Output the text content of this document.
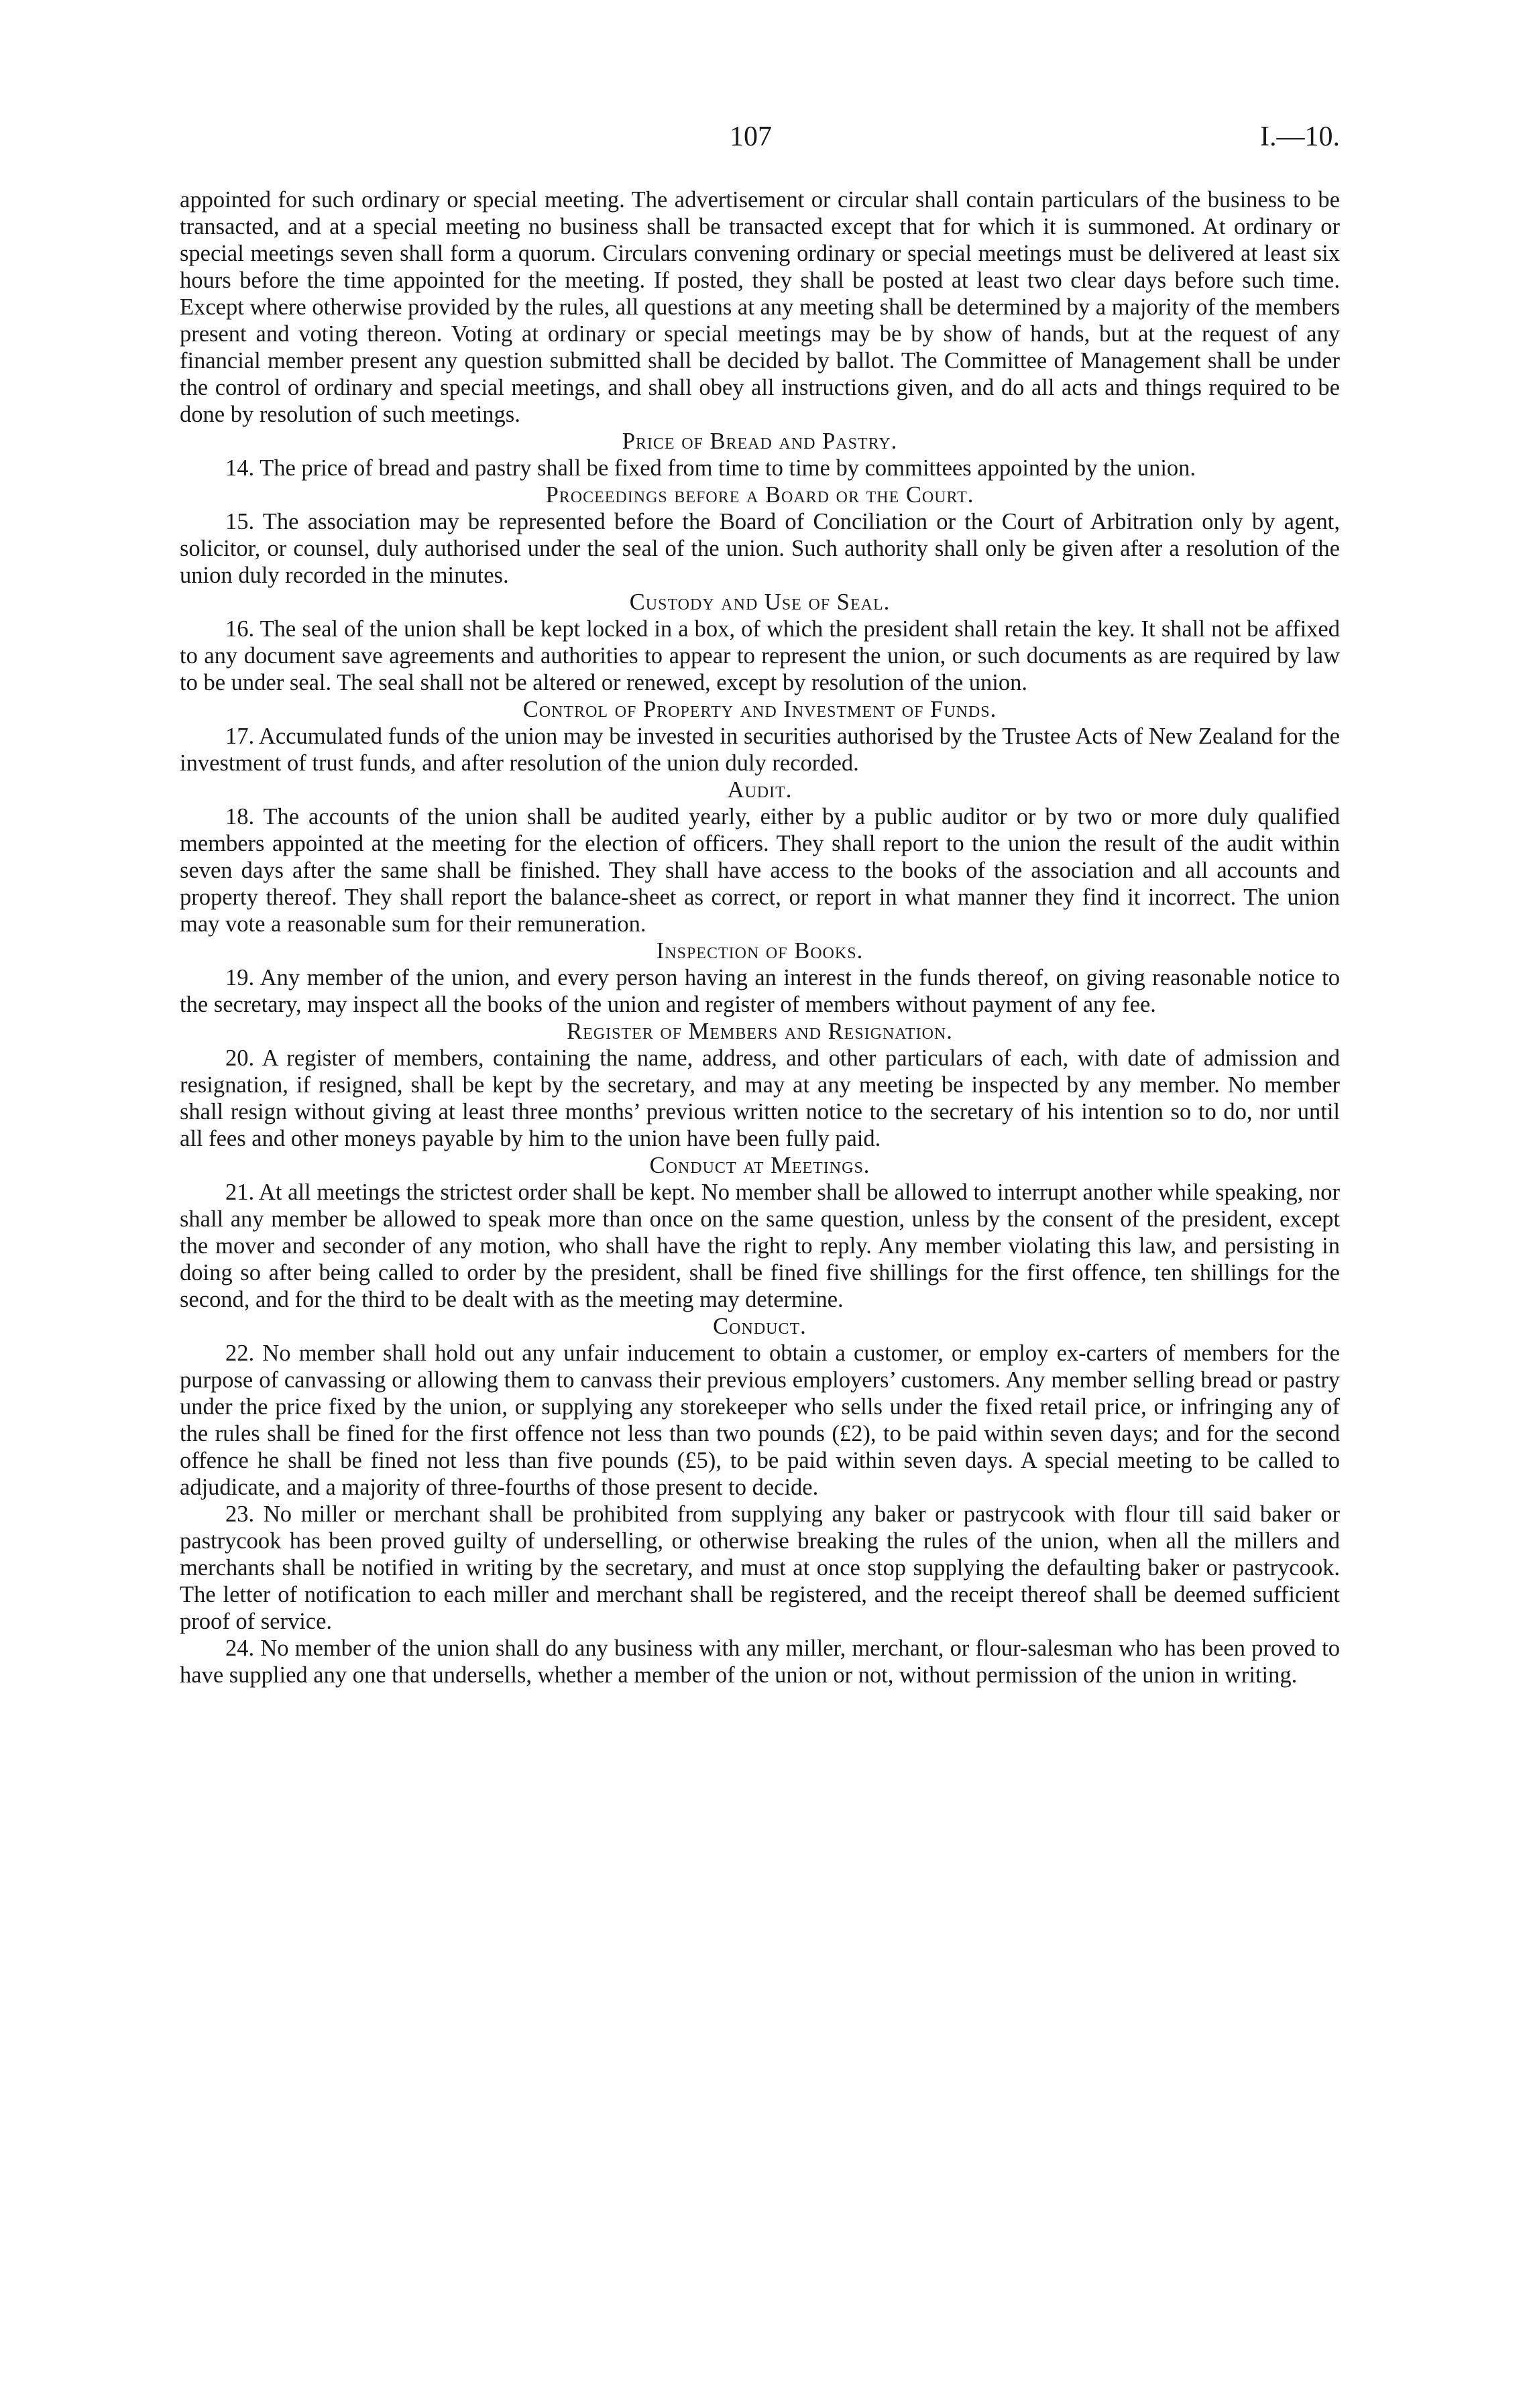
107	I.—10.

appointed for such ordinary or special meeting. The advertisement or circular shall contain particulars of the business to be transacted, and at a special meeting no business shall be transacted except that for which it is summoned. At ordinary or special meetings seven shall form a quorum. Circulars convening ordinary or special meetings must be delivered at least six hours before the time appointed for the meeting. If posted, they shall be posted at least two clear days before such time. Except where otherwise provided by the rules, all questions at any meeting shall be determined by a majority of the members present and voting thereon. Voting at ordinary or special meetings may be by show of hands, but at the request of any financial member present any question submitted shall be decided by ballot. The Committee of Management shall be under the control of ordinary and special meetings, and shall obey all instructions given, and do all acts and things required to be done by resolution of such meetings.

Price of Bread and Pastry.

14. The price of bread and pastry shall be fixed from time to time by committees appointed by the union.

Proceedings before a Board or the Court.

15. The association may be represented before the Board of Conciliation or the Court of Arbitration only by agent, solicitor, or counsel, duly authorised under the seal of the union. Such authority shall only be given after a resolution of the union duly recorded in the minutes.

Custody and Use of Seal.

16. The seal of the union shall be kept locked in a box, of which the president shall retain the key. It shall not be affixed to any document save agreements and authorities to appear to represent the union, or such documents as are required by law to be under seal. The seal shall not be altered or renewed, except by resolution of the union.

Control of Property and Investment of Funds.

17. Accumulated funds of the union may be invested in securities authorised by the Trustee Acts of New Zealand for the investment of trust funds, and after resolution of the union duly recorded.

Audit.

18. The accounts of the union shall be audited yearly, either by a public auditor or by two or more duly qualified members appointed at the meeting for the election of officers. They shall report to the union the result of the audit within seven days after the same shall be finished. They shall have access to the books of the association and all accounts and property thereof. They shall report the balance-sheet as correct, or report in what manner they find it incorrect. The union may vote a reasonable sum for their remuneration.

Inspection of Books.

19. Any member of the union, and every person having an interest in the funds thereof, on giving reasonable notice to the secretary, may inspect all the books of the union and register of members without payment of any fee.

Register of Members and Resignation.

20. A register of members, containing the name, address, and other particulars of each, with date of admission and resignation, if resigned, shall be kept by the secretary, and may at any meeting be inspected by any member. No member shall resign without giving at least three months’ previous written notice to the secretary of his intention so to do, nor until all fees and other moneys payable by him to the union have been fully paid.

Conduct at Meetings.

21. At all meetings the strictest order shall be kept. No member shall be allowed to interrupt another while speaking, nor shall any member be allowed to speak more than once on the same question, unless by the consent of the president, except the mover and seconder of any motion, who shall have the right to reply. Any member violating this law, and persisting in doing so after being called to order by the president, shall be fined five shillings for the first offence, ten shillings for the second, and for the third to be dealt with as the meeting may determine.

Conduct.

22. No member shall hold out any unfair inducement to obtain a customer, or employ ex-carters of members for the purpose of canvassing or allowing them to canvass their previous employers’ customers. Any member selling bread or pastry under the price fixed by the union, or supplying any storekeeper who sells under the fixed retail price, or infringing any of the rules shall be fined for the first offence not less than two pounds (£2), to be paid within seven days; and for the second offence he shall be fined not less than five pounds (£5), to be paid within seven days. A special meeting to be called to adjudicate, and a majority of three-fourths of those present to decide.

23. No miller or merchant shall be prohibited from supplying any baker or pastrycook with flour till said baker or pastrycook has been proved guilty of underselling, or otherwise breaking the rules of the union, when all the millers and merchants shall be notified in writing by the secretary, and must at once stop supplying the defaulting baker or pastrycook. The letter of notification to each miller and merchant shall be registered, and the receipt thereof shall be deemed sufficient proof of service.

24. No member of the union shall do any business with any miller, merchant, or flour-salesman who has been proved to have supplied any one that undersells, whether a member of the union or not, without permission of the union in writing.
